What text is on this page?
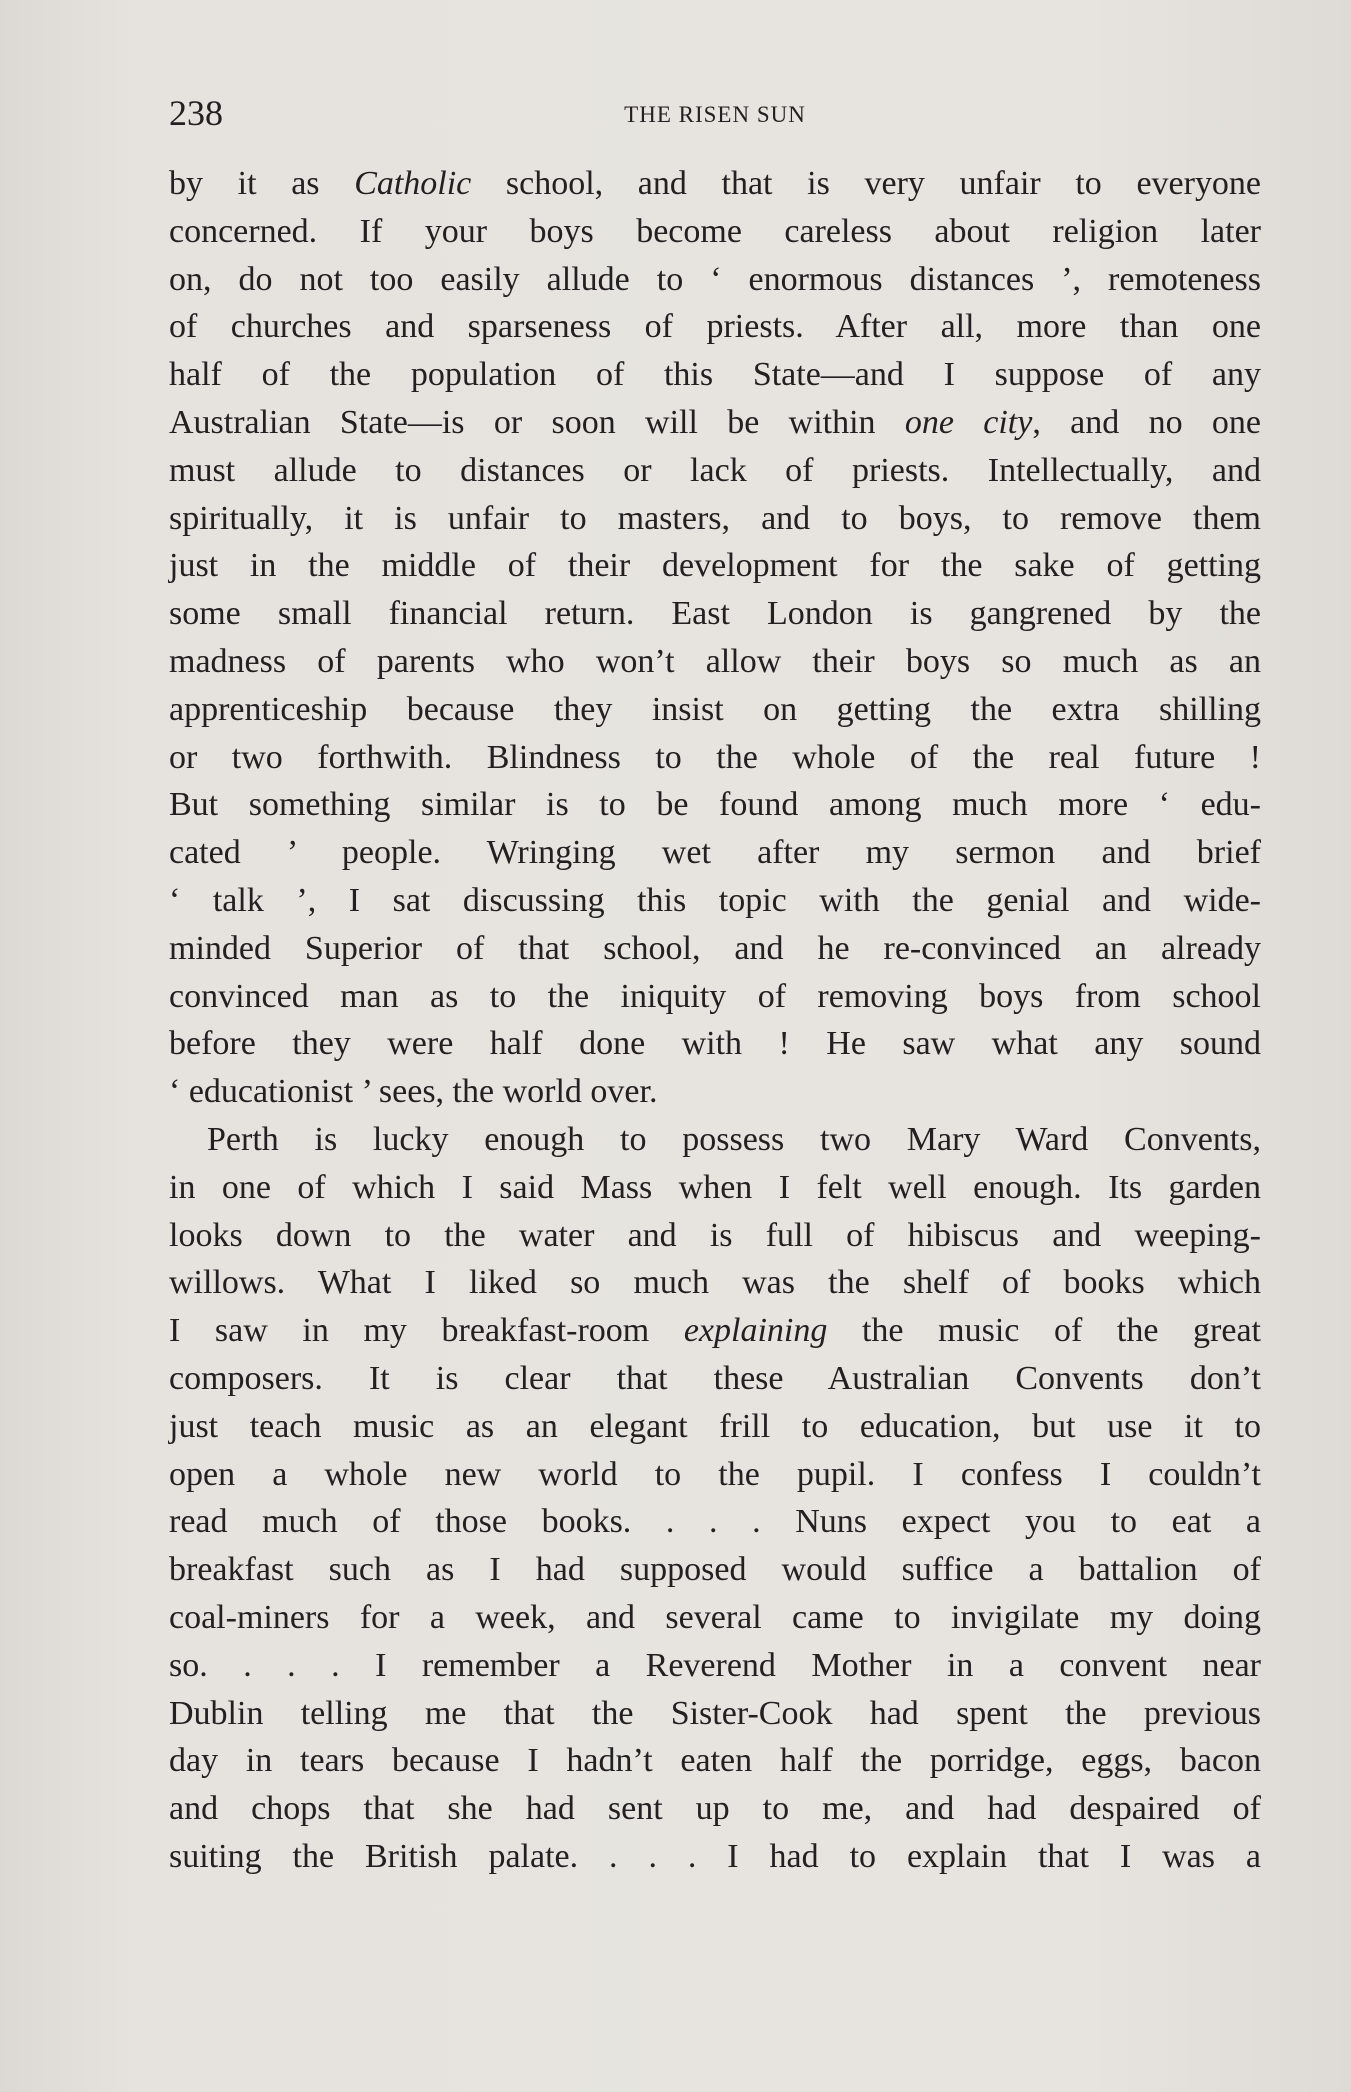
238	THE RISEN SUN
by it as Catholic school, and that is very unfair to everyone
concerned. If your boys become careless about religion later
on, do not too easily allude to ‘ enormous distances ’, remoteness
of churches and sparseness of priests. After all, more than one
half of the population of this State—and I suppose of any
Australian State—is or soon will be within one city, and no one
must allude to distances or lack of priests. Intellectually, and
spiritually, it is unfair to masters, and to boys, to remove them
just in the middle of their development for the sake of getting
some small financial return. East London is gangrened by the
madness of parents who won’t allow their boys so much as an
apprenticeship because they insist on getting the extra shilling
or two forthwith. Blindness to the whole of the real future !
But something similar is to be found among much more ‘ edu-
cated ’ people. Wringing wet after my sermon and brief
‘ talk ’, I sat discussing this topic with the genial and wide-
minded Superior of that school, and he re-convinced an already
convinced man as to the iniquity of removing boys from school
before they were half done with ! He saw what any sound
‘ educationist ’ sees, the world over.
Perth is lucky enough to possess two Mary Ward Convents,
in one of which I said Mass when I felt well enough. Its garden
looks down to the water and is full of hibiscus and weeping-
willows. What I liked so much was the shelf of books which
I saw in my breakfast-room explaining the music of the great
composers. It is clear that these Australian Convents don’t
just teach music as an elegant frill to education, but use it to
open a whole new world to the pupil. I confess I couldn’t
read much of those books. . . . Nuns expect you to eat a
breakfast such as I had supposed would suffice a battalion of
coal-miners for a week, and several came to invigilate my doing
so. . . . I remember a Reverend Mother in a convent near
Dublin telling me that the Sister-Cook had spent the previous
day in tears because I hadn’t eaten half the porridge, eggs, bacon
and chops that she had sent up to me, and had despaired of
suiting the British palate. . . . I had to explain that I was a
